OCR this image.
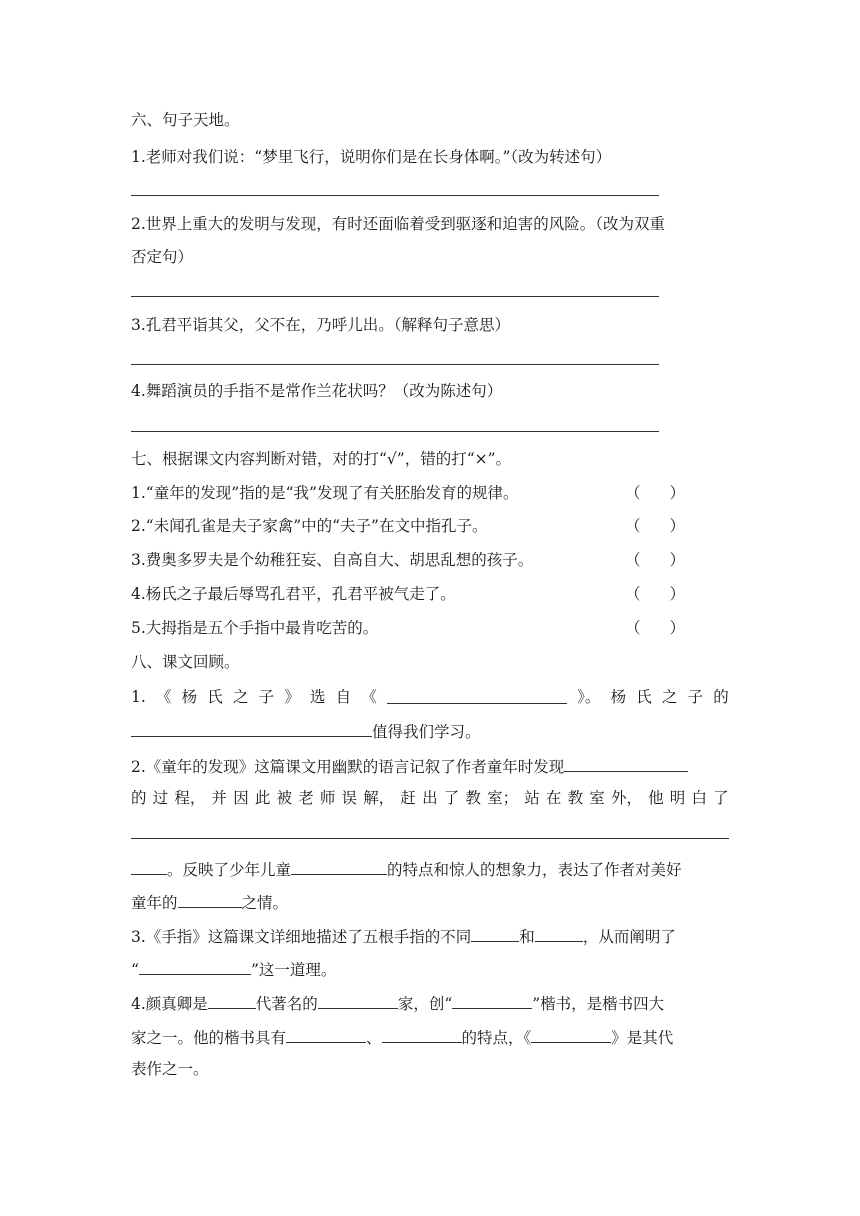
六、句子天地。
1.老师对我们说：“梦里飞行，说明你们是在长身体啊。”（改为转述句）
2.世界上重大的发明与发现，有时还面临着受到驱逐和迫害的风险。（改为双重
否定句）
3.孔君平诣其父，父不在，乃呼儿出。（解释句子意思）
4.舞蹈演员的手指不是常作兰花状吗？（改为陈述句）
七、根据课文内容判断对错，对的打“√”，错的打“×”。
1.“童年的发现”指的是“我”发现了有关胚胎发育的规律。	（ ）
2.“未闻孔雀是夫子家禽”中的“夫子”在文中指孔子。	（ ）
3.费奥多罗夫是个幼稚狂妄、自高自大、胡思乱想的孩子。	（ ）
4.杨氏之子最后辱骂孔君平，孔君平被气走了。	（ ）
5.大拇指是五个手指中最肯吃苦的。	（ ）
八、课文回顾。
1. 《 杨 氏 之 子 》 选 自 《	》。 杨 氏 之 子 的
值得我们学习。
2.《童年的发现》这篇课文用幽默的语言记叙了作者童年时发现
的 过 程， 并 因 此 被 老 师 误 解， 赶 出 了 教 室； 站 在 教 室 外， 他 明 白 了
。反映了少年儿童	的特点和惊人的想象力，表达了作者对美好
童年的	之情。
3.《手指》这篇课文详细地描述了五根手指的不同	和	，从而阐明了
“	”这一道理。
4.颜真卿是	代著名的	家，创“	”楷书，是楷书四大
家之一。他的楷书具有	、	的特点，《	》是其代
表作之一。
